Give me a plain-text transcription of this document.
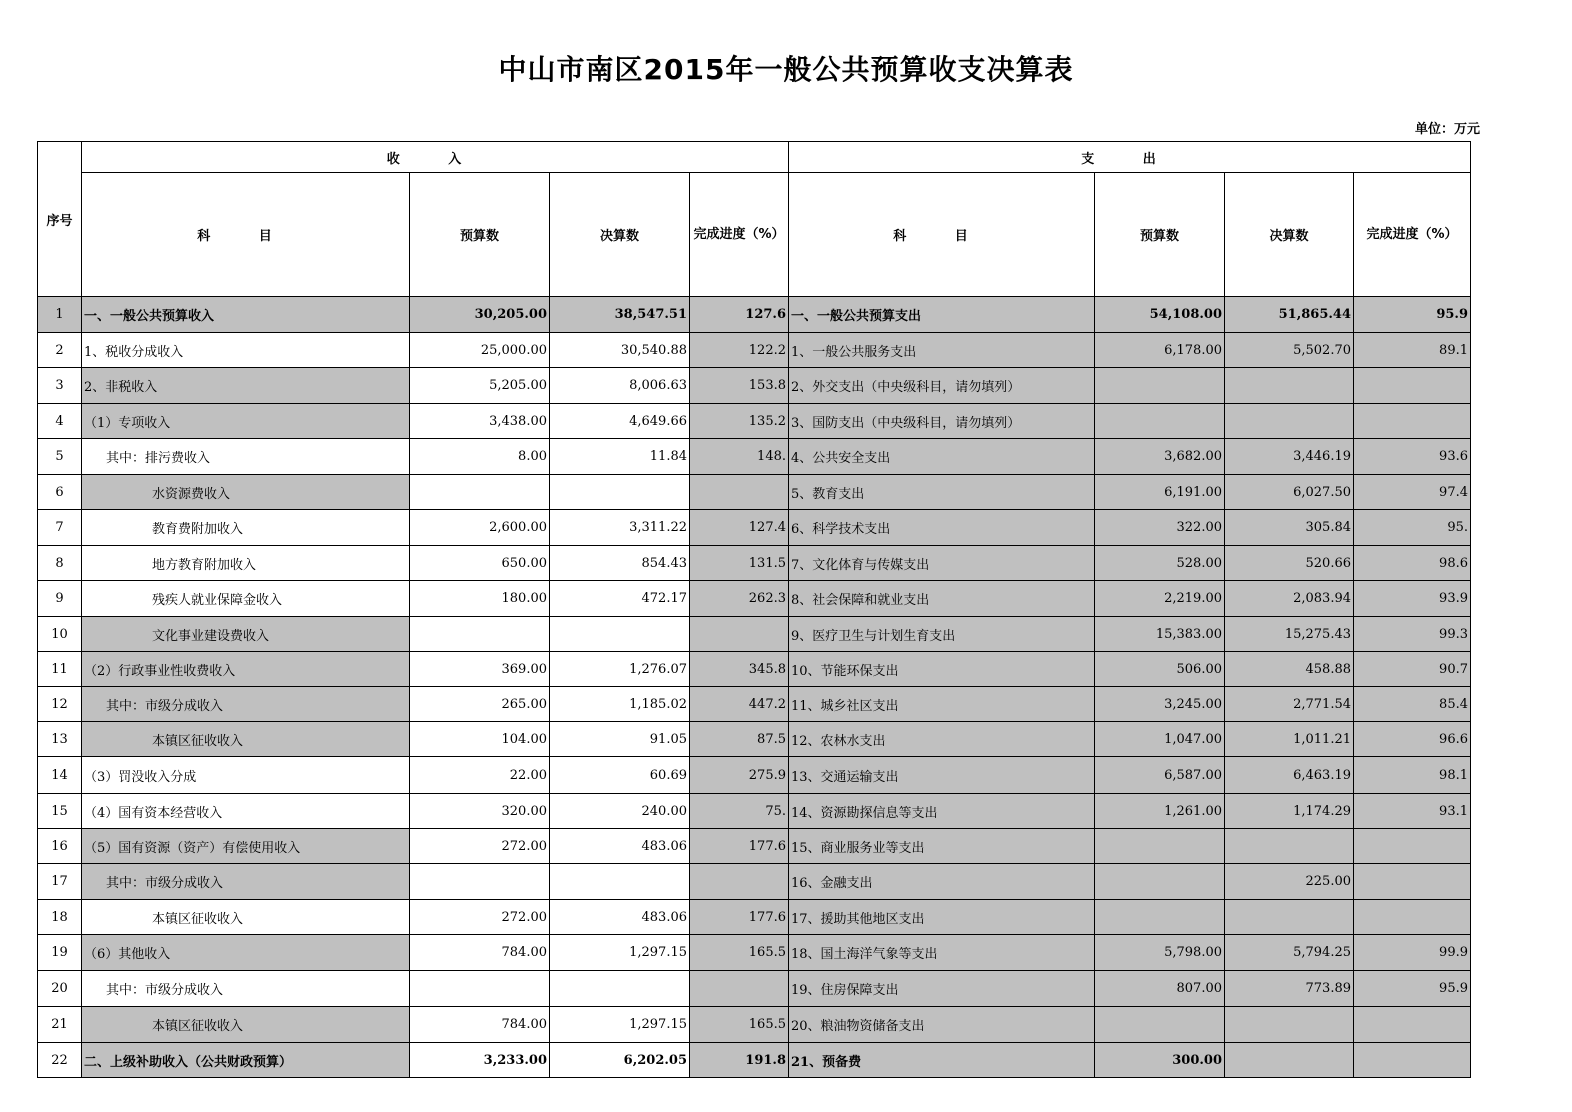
中山市南区2015年一般公共预算收支决算表
单位：万元
序号	收 入				支 出			
	科 目	预算数	决算数	完成进度（%）	科 目	预算数	决算数	完成进度（%）
1	一、一般公共预算收入	30,205.00	38,547.51	127.6	一、一般公共预算支出	54,108.00	51,865.44	95.9
2	1、税收分成收入	25,000.00	30,540.88	122.2	1、一般公共服务支出	6,178.00	5,502.70	89.1
3	2、非税收入	5,205.00	8,006.63	153.8	2、外交支出（中央级科目，请勿填列）			
4	（1）专项收入	3,438.00	4,649.66	135.2	3、国防支出（中央级科目，请勿填列）			
5	其中：排污费收入	8.00	11.84	148.	4、公共安全支出	3,682.00	3,446.19	93.6
6	水资源费收入				5、教育支出	6,191.00	6,027.50	97.4
7	教育费附加收入	2,600.00	3,311.22	127.4	6、科学技术支出	322.00	305.84	95.
8	地方教育附加收入	650.00	854.43	131.5	7、文化体育与传媒支出	528.00	520.66	98.6
9	残疾人就业保障金收入	180.00	472.17	262.3	8、社会保障和就业支出	2,219.00	2,083.94	93.9
10	文化事业建设费收入				9、医疗卫生与计划生育支出	15,383.00	15,275.43	99.3
11	（2）行政事业性收费收入	369.00	1,276.07	345.8	10、节能环保支出	506.00	458.88	90.7
12	其中：市级分成收入	265.00	1,185.02	447.2	11、城乡社区支出	3,245.00	2,771.54	85.4
13	本镇区征收收入	104.00	91.05	87.5	12、农林水支出	1,047.00	1,011.21	96.6
14	（3）罚没收入分成	22.00	60.69	275.9	13、交通运输支出	6,587.00	6,463.19	98.1
15	（4）国有资本经营收入	320.00	240.00	75.	14、资源勘探信息等支出	1,261.00	1,174.29	93.1
16	（5）国有资源（资产）有偿使用收入	272.00	483.06	177.6	15、商业服务业等支出			
17	其中：市级分成收入				16、金融支出		225.00	
18	本镇区征收收入	272.00	483.06	177.6	17、援助其他地区支出			
19	（6）其他收入	784.00	1,297.15	165.5	18、国土海洋气象等支出	5,798.00	5,794.25	99.9
20	其中：市级分成收入				19、住房保障支出	807.00	773.89	95.9
21	本镇区征收收入	784.00	1,297.15	165.5	20、粮油物资储备支出			
22	二、上级补助收入（公共财政预算）	3,233.00	6,202.05	191.8	21、预备费	300.00		
